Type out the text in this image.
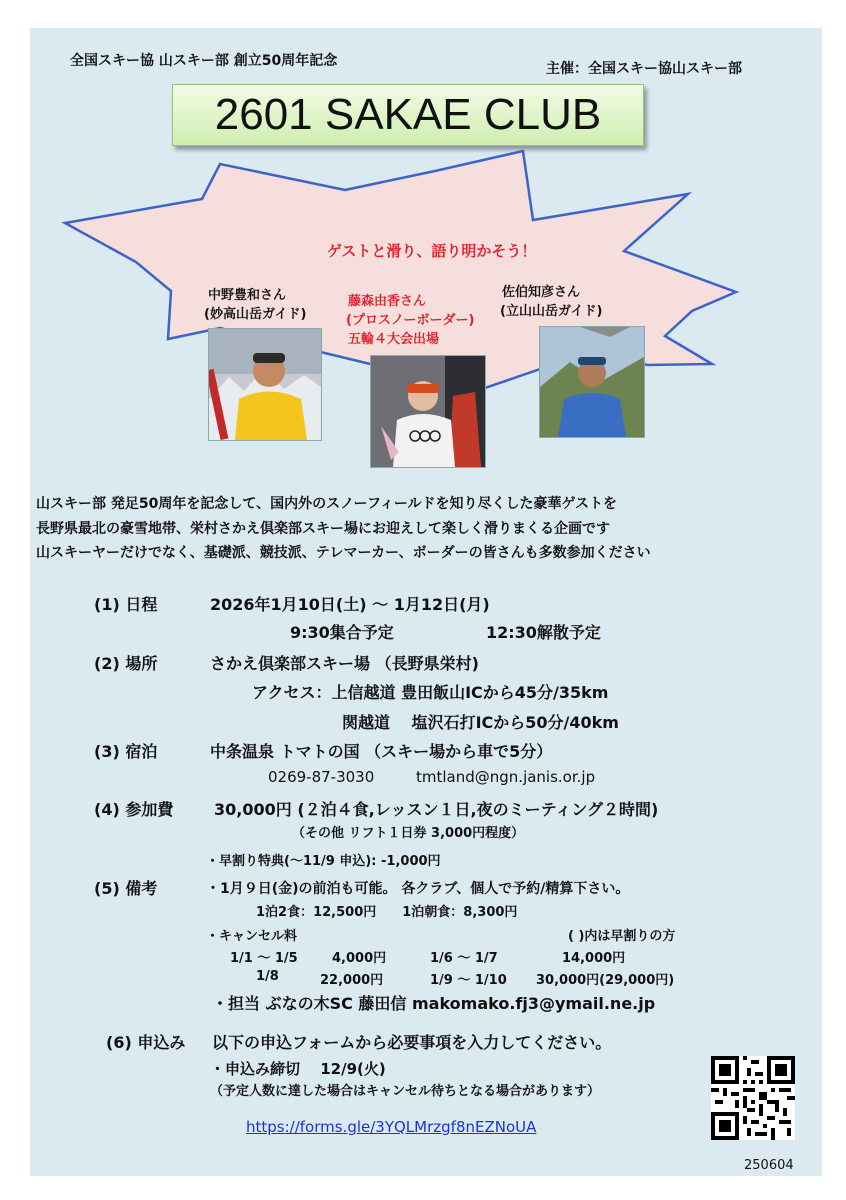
全国スキー協 山スキー部 創立50周年記念	主催：全国スキー協山スキー部
2601 SAKAE CLUB
ゲストと滑り、語り明かそう！
中野豊和さん
(妙高山岳ガイド)
藤森由香さん
(プロスノーボーダー)
五輪４大会出場
佐伯知彦さん
(立山山岳ガイド)
山スキー部 発足50周年を記念して、国内外のスノーフィールドを知り尽くした豪華ゲストを
長野県最北の豪雪地帯、栄村さかえ倶楽部スキー場にお迎えして楽しく滑りまくる企画です
山スキーヤーだけでなく、基礎派、競技派、テレマーカー、ボーダーの皆さんも多数参加ください
(1) 日程	2026年1月10日(土) ～ 1月12日(月)
9:30集合予定	12:30解散予定
(2) 場所	さかえ倶楽部スキー場 （長野県栄村)
アクセス：上信越道 豊田飯山ICから45分/35km
関越道　 塩沢石打ICから50分/40km
(3) 宿泊	中条温泉 トマトの国 （スキー場から車で5分）
0269-87-3030	tmtland@ngn.janis.or.jp
(4) 参加費	30,000円 (２泊４食,レッスン１日,夜のミーティング２時間)
（その他 リフト１日券 3,000円程度）
・早割り特典(～11/9 申込): -1,000円
(5) 備考	・1月９日(金)の前泊も可能。 各クラブ、個人で予約/精算下さい。
1泊2食：12,500円　　1泊朝食：8,300円
・キャンセル料	( )内は早割りの方
1/1 ～ 1/5	4,000円	1/6 ～ 1/7	14,000円
1/8	22,000円	1/9 ～ 1/10 30,000円(29,000円)
・担当 ぶなの木SC 藤田信 makomako.fj3@ymail.ne.jp
(6) 申込み 以下の申込フォームから必要事項を入力してください。
・申込み締切　 12/9(火)
（予定人数に達した場合はキャンセル待ちとなる場合があります）
https://forms.gle/3YQLMrzgf8nEZNoUA
250604
